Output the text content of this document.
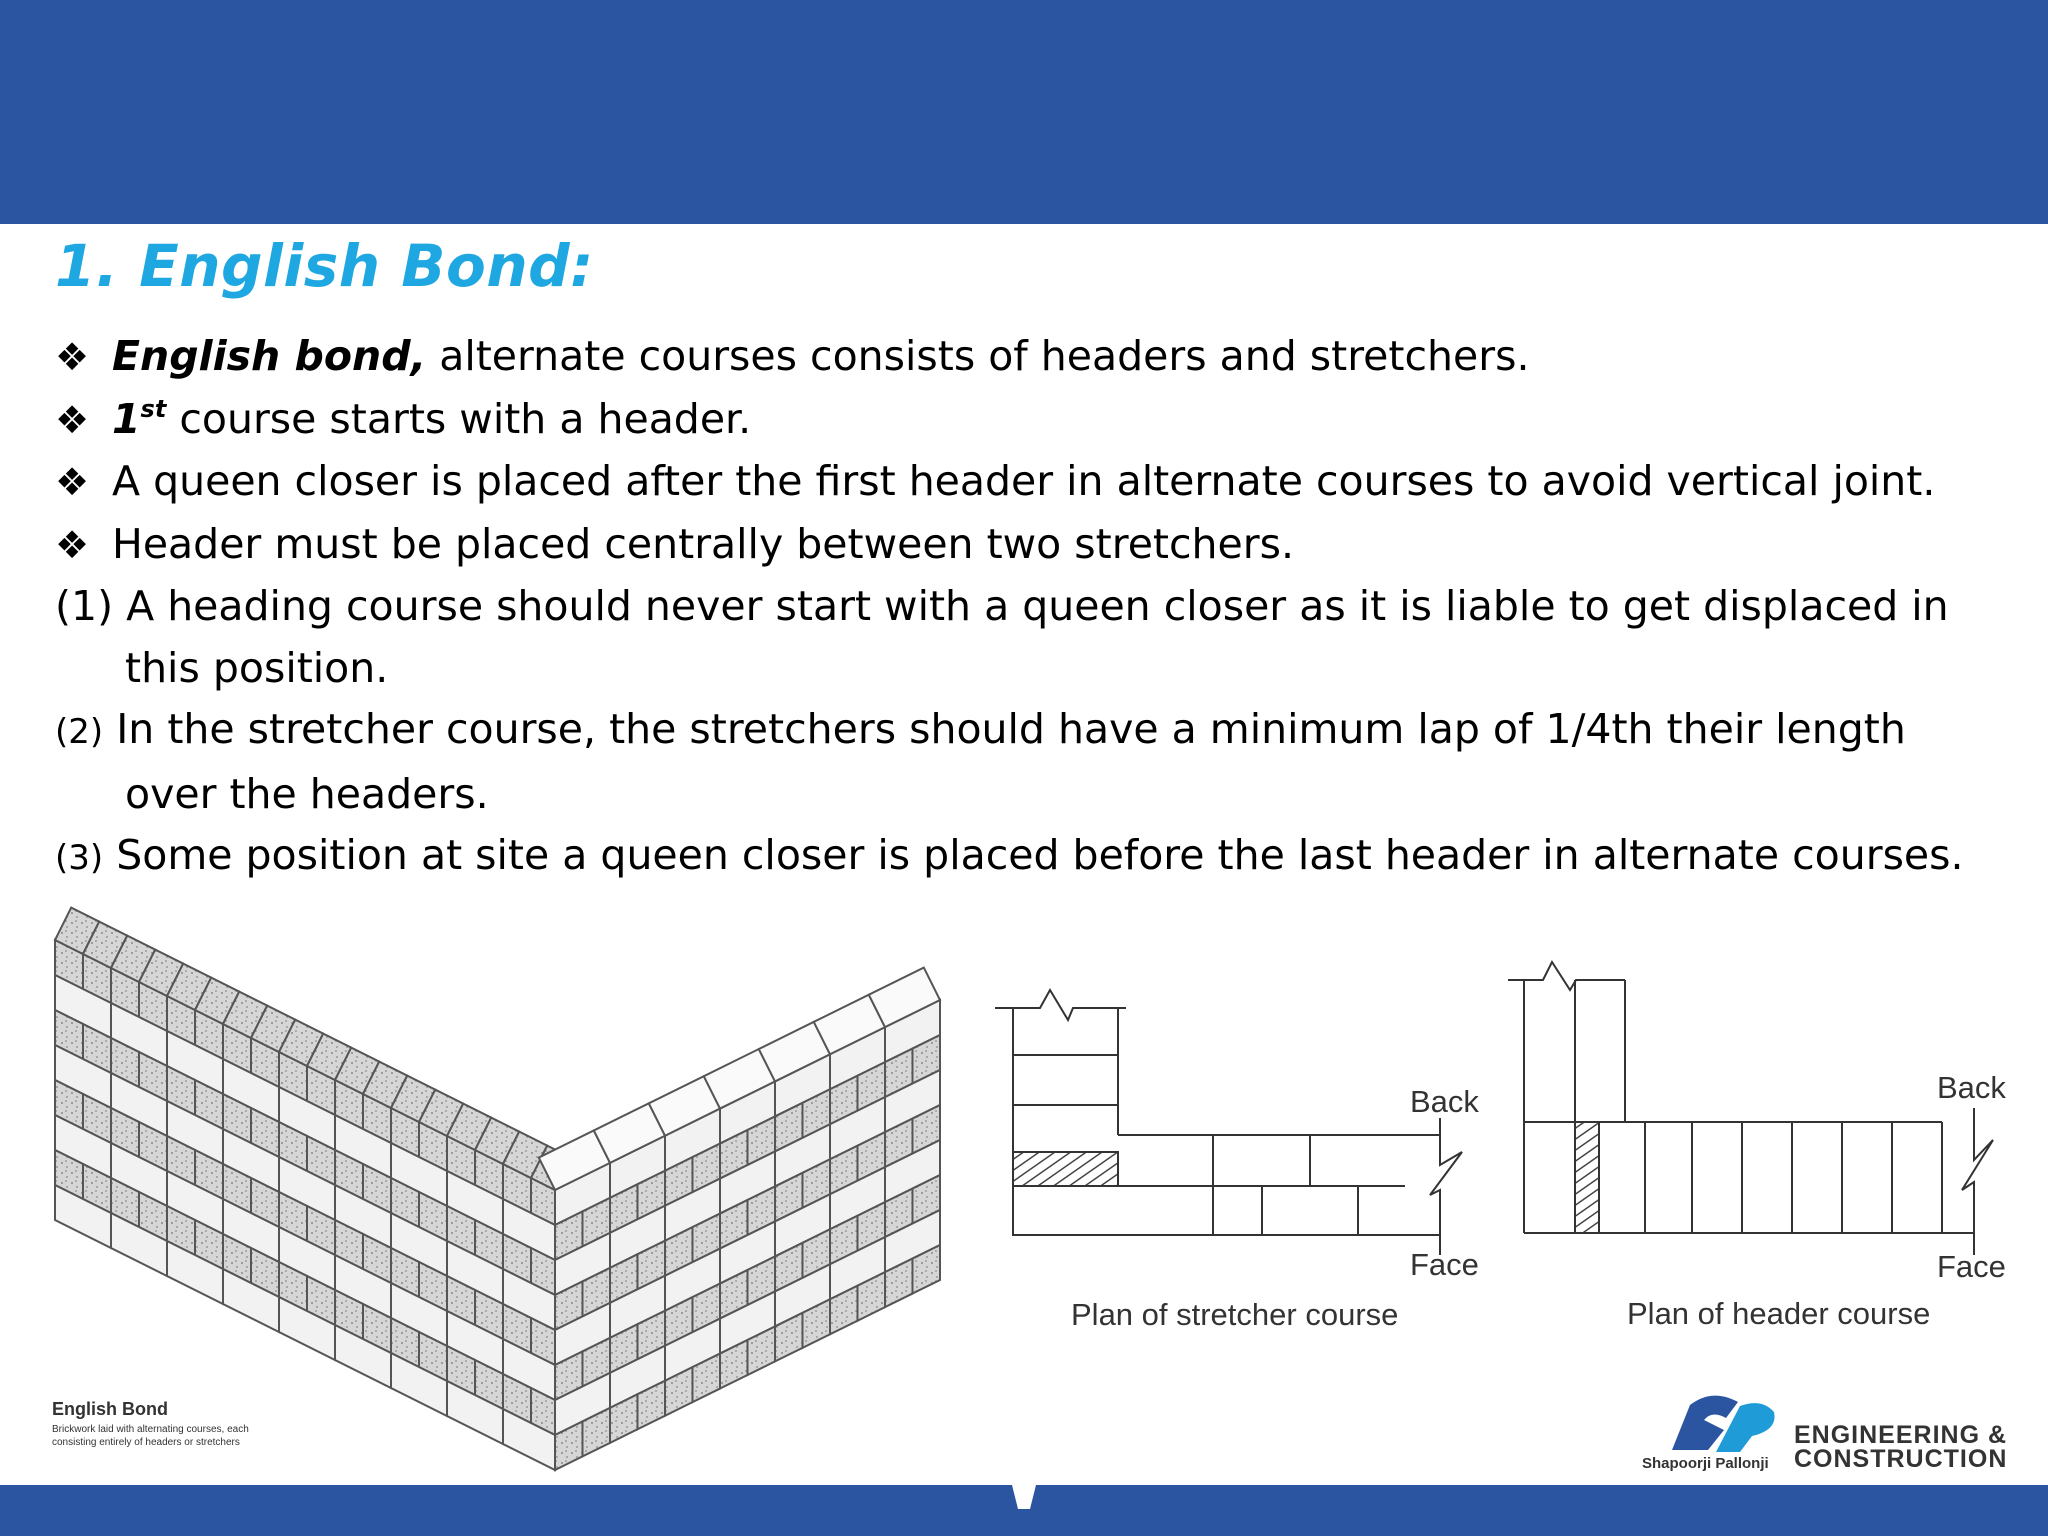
1. English Bond:
❖ English bond, alternate courses consists of headers and stretchers.
❖ 1st course starts with a header.
❖ A queen closer is placed after the first header in alternate courses to avoid vertical joint.
❖ Header must be placed centrally between two stretchers.
(1) A heading course should never start with a queen closer as it is liable to get displaced in
this position.
(2) In the stretcher course, the stretchers should have a minimum lap of 1/4th their length
over the headers.
(3) Some position at site a queen closer is placed before the last header in alternate courses.
Back
Face
Plan of stretcher course
Back
Face
Plan of header course
English Bond
Brickwork laid with alternating courses, each
consisting entirely of headers or stretchers
Shapoorji Pallonji
ENGINEERING &
CONSTRUCTION
